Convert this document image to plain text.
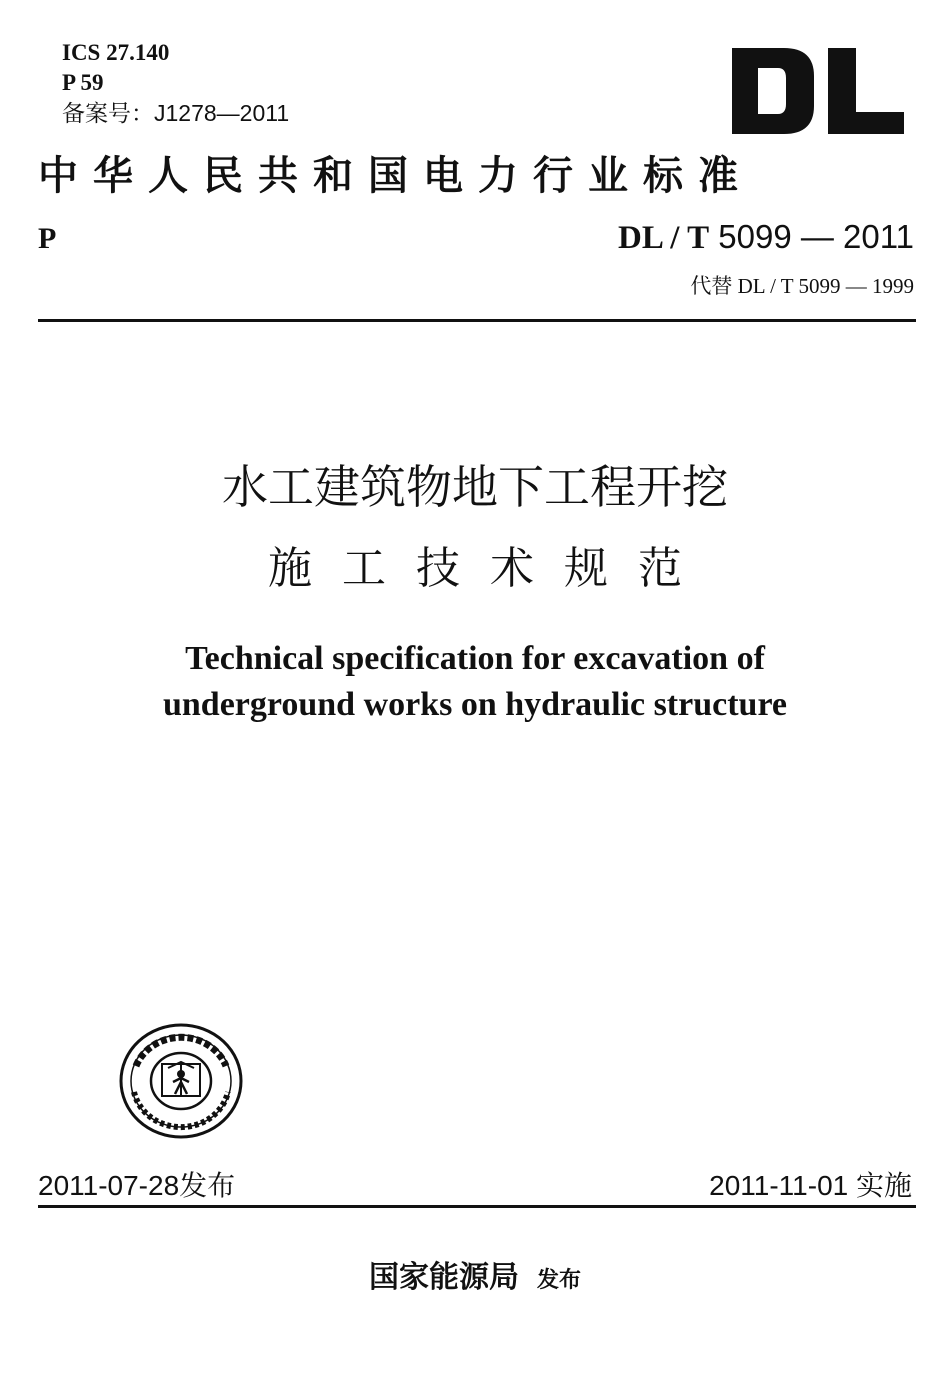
ICS 27.140
P 59
备案号：J1278—2011
中华人民共和国电力行业标准
P	DL / T 5099 — 2011
代替 DL / T 5099 — 1999
水工建筑物地下工程开挖
施工技术规范
Technical specification for excavation of
underground works on hydraulic structure
2011-07-28发布	2011-11-01 实施
国家能源局 发布
